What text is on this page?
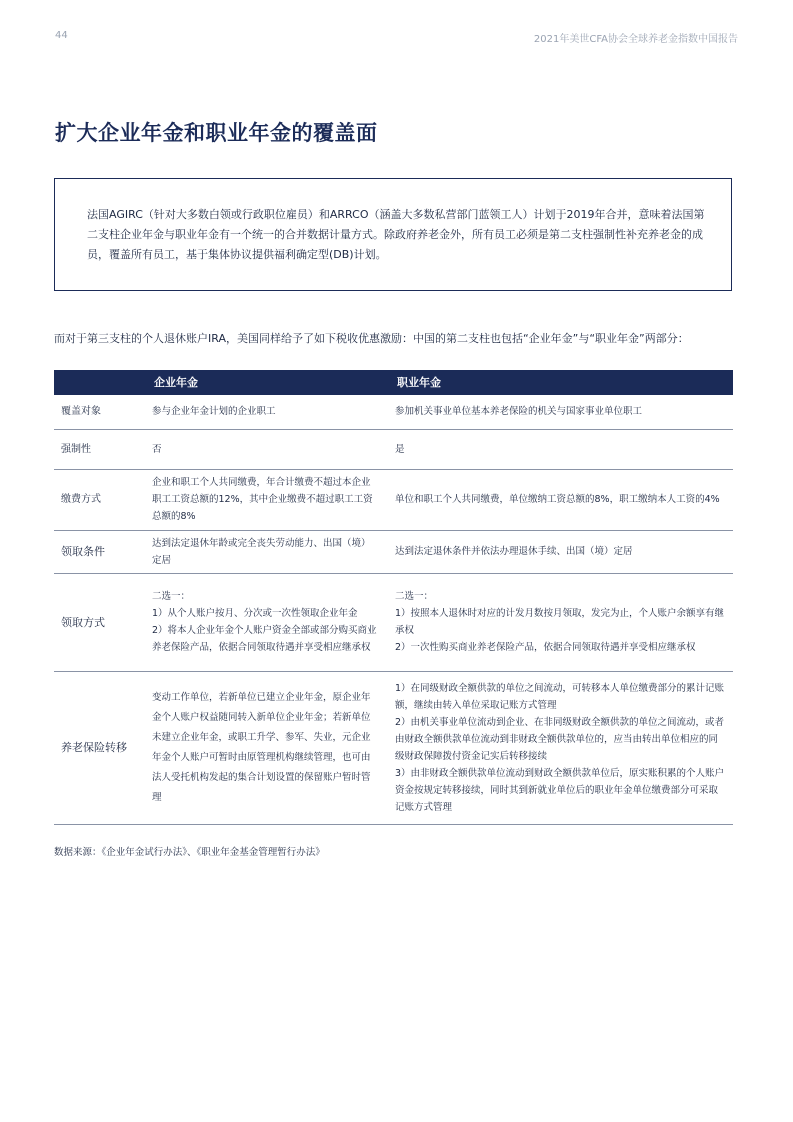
44	2021年美世CFA协会全球养老金指数中国报告
扩大企业年金和职业年金的覆盖面

法国AGIRC（针对大多数白领或行政职位雇员）和ARRCO（涵盖大多数私营部门蓝领工人）计划于2019年合并，意味着法国第二支柱企业年金与职业年金有一个统一的合并数据计量方式。除政府养老金外，所有员工必须是第二支柱强制性补充养老金的成员，覆盖所有员工，基于集体协议提供福利确定型(DB)计划。

而对于第三支柱的个人退休账户IRA，美国同样给予了如下税收优惠激励：中国的第二支柱也包括“企业年金”与“职业年金”两部分：

	企业年金	职业年金
覆盖对象	参与企业年金计划的企业职工	参加机关事业单位基本养老保险的机关与国家事业单位职工

强制性	否	是

缴费方式	企业和职工个人共同缴费，年合计缴费不超过本企业职工工资总额的12%，其中企业缴费不超过职工工资总额的8%	单位和职工个人共同缴费，单位缴纳工资总额的8%，职工缴纳本人工资的4%

领取条件	达到法定退休年龄或完全丧失劳动能力、出国（境）定居	达到法定退休条件并依法办理退休手续、出国（境）定居

领取方式	二选一：
1）从个人账户按月、分次或一次性领取企业年金
2）将本人企业年金个人账户资金全部或部分购买商业养老保险产品，依据合同领取待遇并享受相应继承权	二选一：
1）按照本人退休时对应的计发月数按月领取，发完为止，个人账户余额享有继承权
2）一次性购买商业养老保险产品，依据合同领取待遇并享受相应继承权

养老保险转移	变动工作单位，若新单位已建立企业年金，原企业年金个人账户权益随同转入新单位企业年金；若新单位未建立企业年金，或职工升学、参军、失业，元企业年金个人账户可暂时由原管理机构继续管理，也可由法人受托机构发起的集合计划设置的保留账户暂时管理	1）在同级财政全额供款的单位之间流动，可转移本人单位缴费部分的累计记账额，继续由转入单位采取记账方式管理
2）由机关事业单位流动到企业、在非同级财政全额供款的单位之间流动，或者由财政全额供款单位流动到非财政全额供款单位的，应当由转出单位相应的同级财政保障拨付资金记实后转移接续
3）由非财政全额供款单位流动到财政全额供款单位后，原实账积累的个人账户资金按规定转移接续，同时其到新就业单位后的职业年金单位缴费部分可采取记账方式管理

数据来源：《企业年金试行办法》、《职业年金基金管理暂行办法》
